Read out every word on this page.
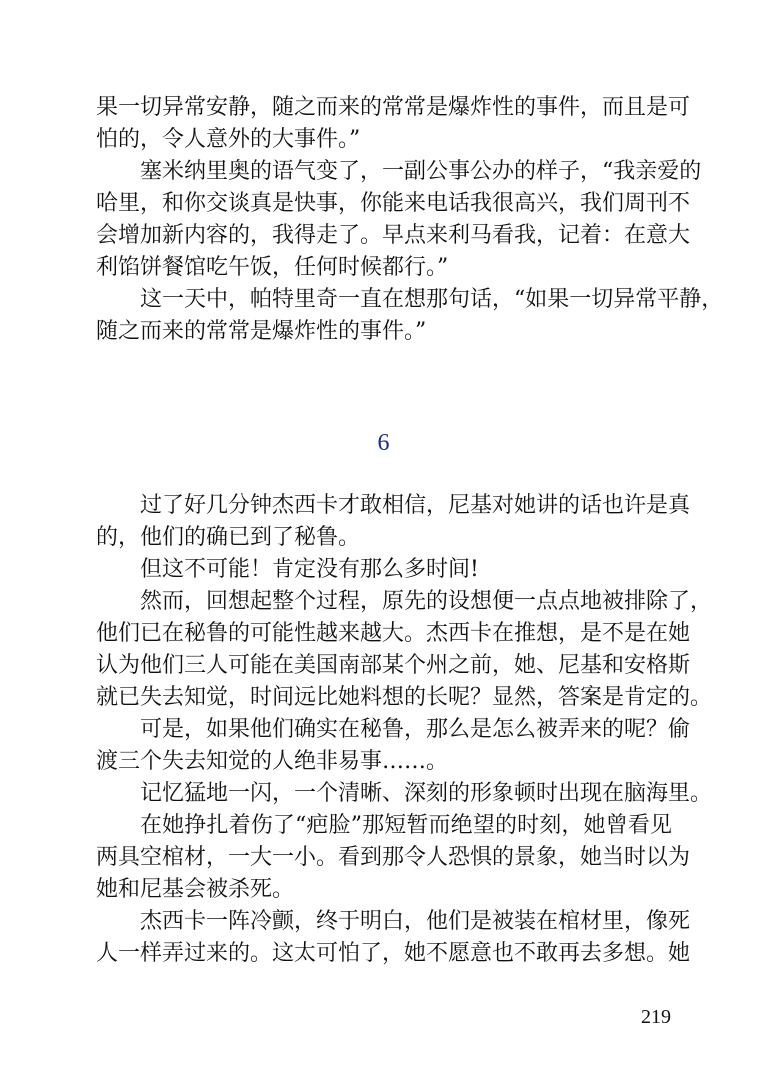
果一切异常安静，随之而来的常常是爆炸性的事件，而且是可
怕的，令人意外的大事件。”
塞米纳里奥的语气变了，一副公事公办的样子，“我亲爱的
哈里，和你交谈真是快事，你能来电话我很高兴，我们周刊不
会增加新内容的，我得走了。早点来利马看我，记着：在意大
利馅饼餐馆吃午饭，任何时候都行。”
这一天中，帕特里奇一直在想那句话，“如果一切异常平静，
随之而来的常常是爆炸性的事件。”
6
过了好几分钟杰西卡才敢相信，尼基对她讲的话也许是真
的，他们的确已到了秘鲁。
但这不可能！肯定没有那么多时间!
然而，回想起整个过程，原先的设想便一点点地被排除了，
他们已在秘鲁的可能性越来越大。杰西卡在推想，是不是在她
认为他们三人可能在美国南部某个州之前，她、尼基和安格斯
就已失去知觉，时间远比她料想的长呢？显然，答案是肯定的。
可是，如果他们确实在秘鲁，那么是怎么被弄来的呢？偷
渡三个失去知觉的人绝非易事……。
记忆猛地一闪，一个清晰、深刻的形象顿时出现在脑海里。
在她挣扎着伤了“疤脸”那短暂而绝望的时刻，她曾看见
两具空棺材，一大一小。看到那令人恐惧的景象，她当时以为
她和尼基会被杀死。
杰西卡一阵冷颤，终于明白，他们是被装在棺材里，像死
人一样弄过来的。这太可怕了，她不愿意也不敢再去多想。她
219
